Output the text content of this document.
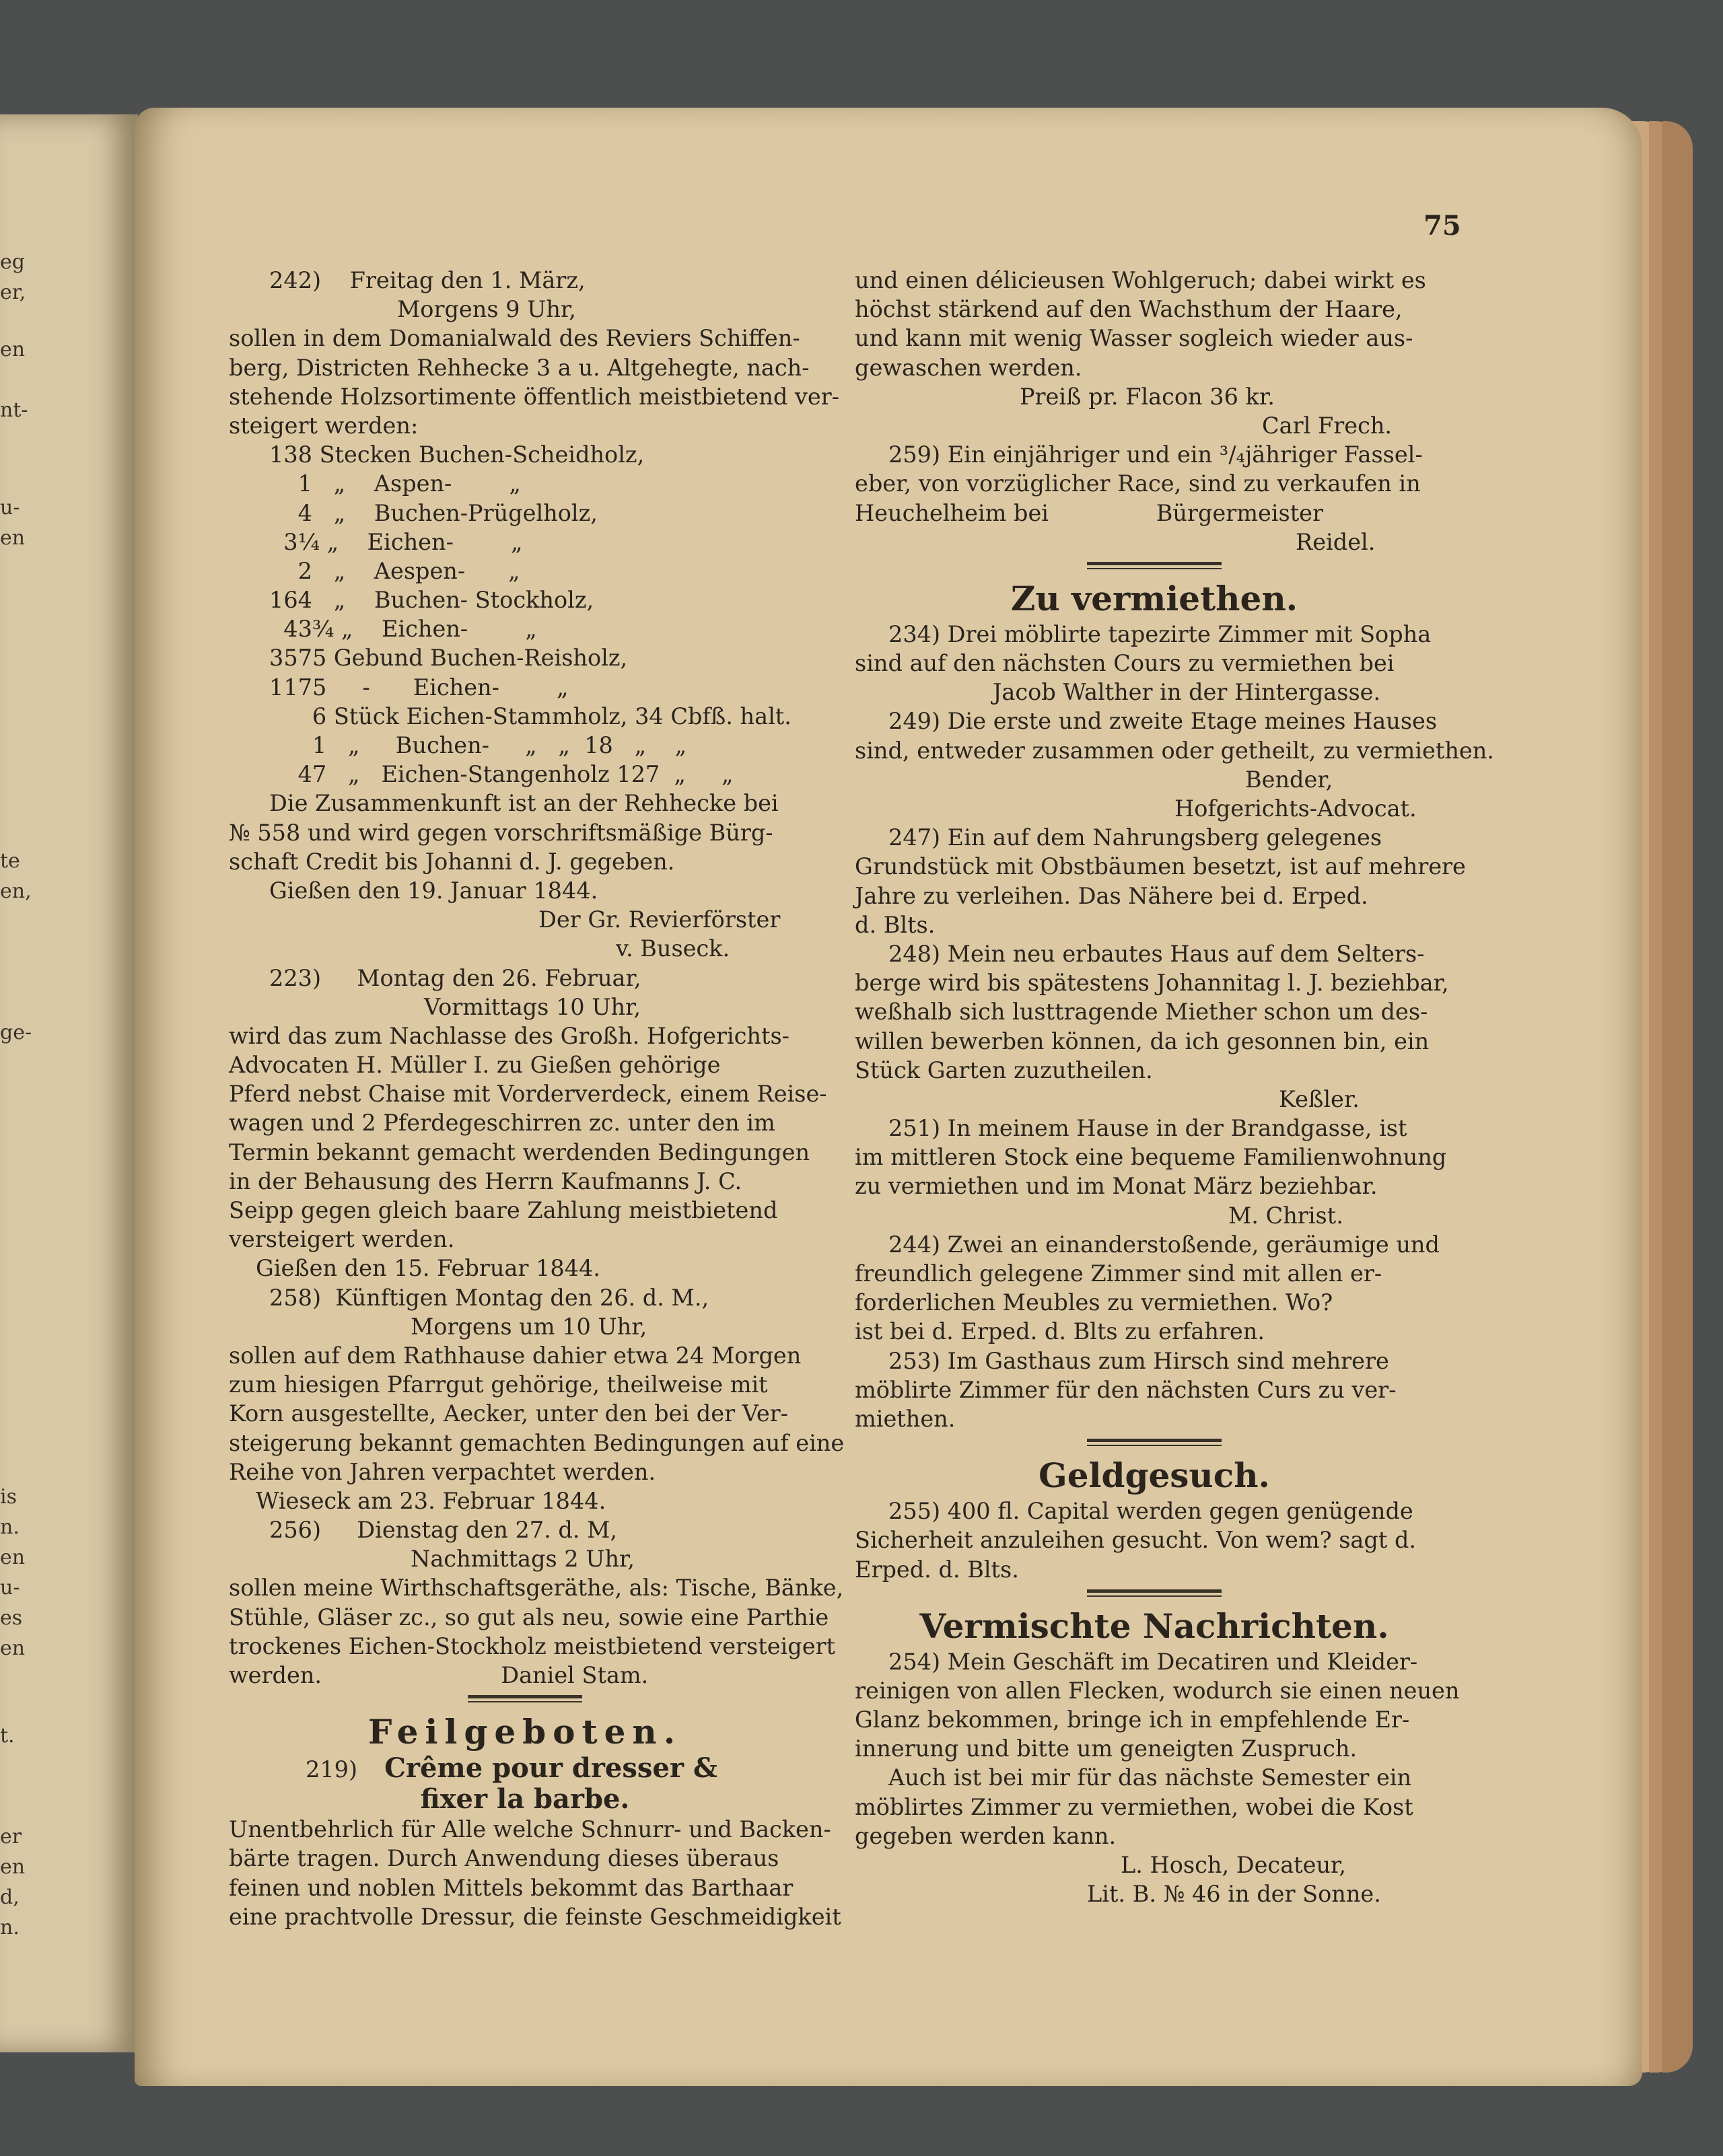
eg
er,
en
nt-
u-
en
te
en,
ge-
is
n.
en
u-
es
en
t.
er
en
d,
n.
75
242)    Freitag den 1. März,
Morgens 9 Uhr,
sollen in dem Domanialwald des Reviers Schiffen-
berg, Districten Rehhecke 3 a u. Altgehegte, nach-
stehende Holzsortimente öffentlich meistbietend ver-
steigert werden:
138 Stecken Buchen-Scheidholz,
1   „    Aspen-        „
4   „    Buchen-Prügelholz,
3¼ „    Eichen-        „
2   „    Aespen-      „
164   „    Buchen- Stockholz,
43¾ „    Eichen-        „
3575 Gebund Buchen-Reisholz,
1175     -      Eichen-        „
6 Stück Eichen-Stammholz, 34 Cbfß. halt.
1   „     Buchen-     „   „  18   „    „
47   „   Eichen-Stangenholz 127  „     „
Die Zusammenkunft ist an der Rehhecke bei
№ 558 und wird gegen vorschriftsmäßige Bürg-
schaft Credit bis Johanni d. J. gegeben.
Gießen den 19. Januar 1844.
Der Gr. Revierförster
v. Buseck.
223)     Montag den 26. Februar,
Vormittags 10 Uhr,
wird das zum Nachlasse des Großh. Hofgerichts-
Advocaten H. Müller I. zu Gießen gehörige
Pferd nebst Chaise mit Vorderverdeck, einem Reise-
wagen und 2 Pferdegeschirren zc. unter den im
Termin bekannt gemacht werdenden Bedingungen
in der Behausung des Herrn Kaufmanns J. C.
Seipp gegen gleich baare Zahlung meistbietend
versteigert werden.
Gießen den 15. Februar 1844.
258)  Künftigen Montag den 26. d. M.,
Morgens um 10 Uhr,
sollen auf dem Rathhause dahier etwa 24 Morgen
zum hiesigen Pfarrgut gehörige, theilweise mit
Korn ausgestellte, Aecker, unter den bei der Ver-
steigerung bekannt gemachten Bedingungen auf eine
Reihe von Jahren verpachtet werden.
Wieseck am 23. Februar 1844.
256)     Dienstag den 27. d. M,
Nachmittags 2 Uhr,
sollen meine Wirthschaftsgeräthe, als: Tische, Bänke,
Stühle, Gläser zc., so gut als neu, sowie eine Parthie
trockenes Eichen-Stockholz meistbietend versteigert
werden.                         Daniel Stam.
Feilgeboten.
219) Crême pour dresser &
fixer la barbe.
Unentbehrlich für Alle welche Schnurr- und Backen-
bärte tragen. Durch Anwendung dieses überaus
feinen und noblen Mittels bekommt das Barthaar
eine prachtvolle Dressur, die feinste Geschmeidigkeit
und einen délicieusen Wohlgeruch; dabei wirkt es
höchst stärkend auf den Wachsthum der Haare,
und kann mit wenig Wasser sogleich wieder aus-
gewaschen werden.
Preiß pr. Flacon 36 kr.
Carl Frech.
259) Ein einjähriger und ein ³/₄jähriger Fassel-
eber, von vorzüglicher Race, sind zu verkaufen in
Heuchelheim bei               Bürgermeister
Reidel.
Zu vermiethen.
234) Drei möblirte tapezirte Zimmer mit Sopha
sind auf den nächsten Cours zu vermiethen bei
Jacob Walther in der Hintergasse.
249) Die erste und zweite Etage meines Hauses
sind, entweder zusammen oder getheilt, zu vermiethen.
Bender,
Hofgerichts-Advocat.
247) Ein auf dem Nahrungsberg gelegenes
Grundstück mit Obstbäumen besetzt, ist auf mehrere
Jahre zu verleihen. Das Nähere bei d. Erped.
d. Blts.
248) Mein neu erbautes Haus auf dem Selters-
berge wird bis spätestens Johannitag l. J. beziehbar,
weßhalb sich lusttragende Miether schon um des-
willen bewerben können, da ich gesonnen bin, ein
Stück Garten zuzutheilen.
Keßler.
251) In meinem Hause in der Brandgasse, ist
im mittleren Stock eine bequeme Familienwohnung
zu vermiethen und im Monat März beziehbar.
M. Christ.
244) Zwei an einanderstoßende, geräumige und
freundlich gelegene Zimmer sind mit allen er-
forderlichen Meubles zu vermiethen. Wo?
ist bei d. Erped. d. Blts zu erfahren.
253) Im Gasthaus zum Hirsch sind mehrere
möblirte Zimmer für den nächsten Curs zu ver-
miethen.
Geldgesuch.
255) 400 fl. Capital werden gegen genügende
Sicherheit anzuleihen gesucht. Von wem? sagt d.
Erped. d. Blts.
Vermischte Nachrichten.
254) Mein Geschäft im Decatiren und Kleider-
reinigen von allen Flecken, wodurch sie einen neuen
Glanz bekommen, bringe ich in empfehlende Er-
innerung und bitte um geneigten Zuspruch.
Auch ist bei mir für das nächste Semester ein
möblirtes Zimmer zu vermiethen, wobei die Kost
gegeben werden kann.
L. Hosch, Decateur,
Lit. B. № 46 in der Sonne.
